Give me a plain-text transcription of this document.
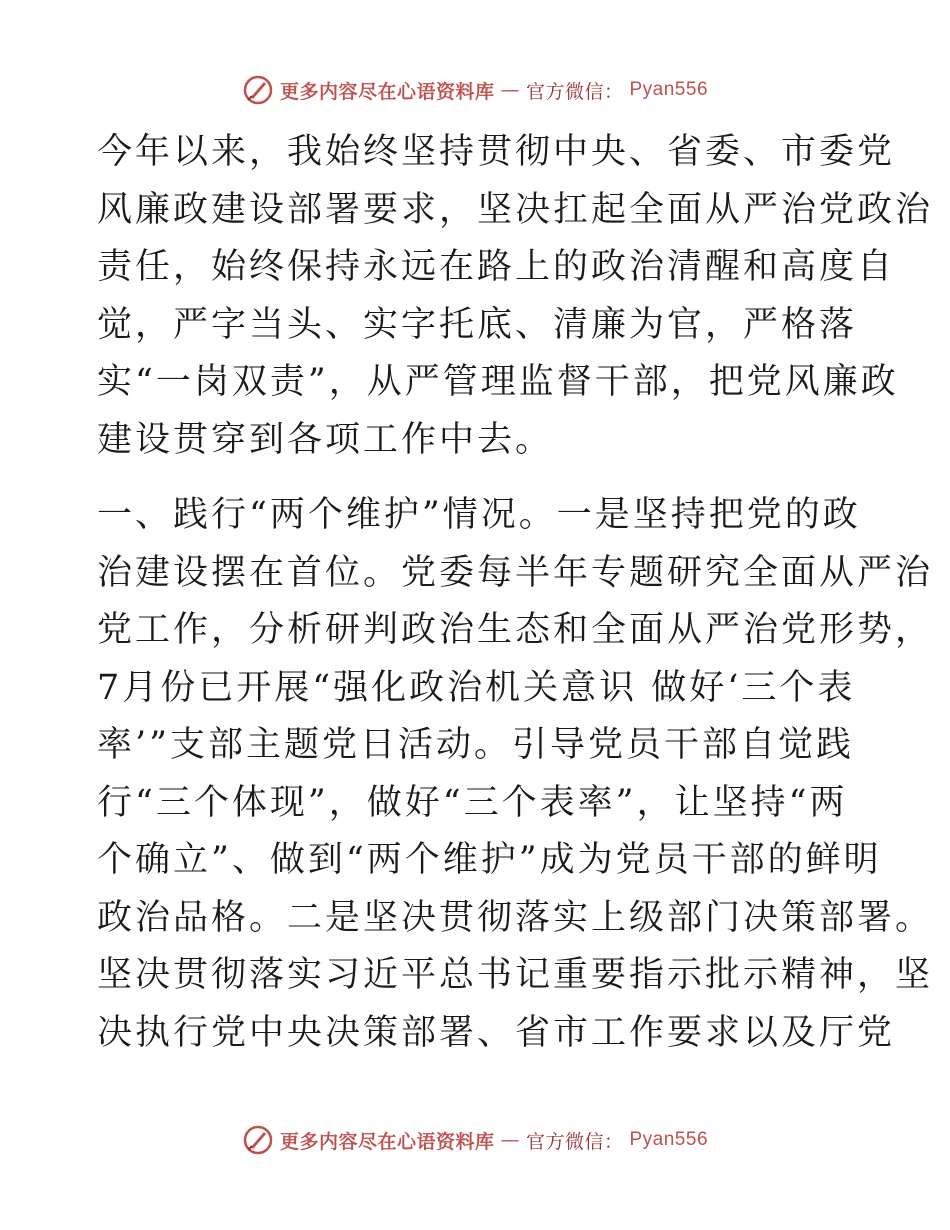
更多内容尽在心语资料库 — 官方微信： Pyan556
今年以来，我始终坚持贯彻中央、省委、市委党
风廉政建设部署要求，坚决扛起全面从严治党政治
责任，始终保持永远在路上的政治清醒和高度自
觉，严字当头、实字托底、清廉为官，严格落
实“一岗双责”，从严管理监督干部，把党风廉政
建设贯穿到各项工作中去。
一、践行“两个维护”情况。一是坚持把党的政
治建设摆在首位。党委每半年专题研究全面从严治
党工作，分析研判政治生态和全面从严治党形势，
7月份已开展“强化政治机关意识 做好‘三个表
率’”支部主题党日活动。引导党员干部自觉践
行“三个体现”，做好“三个表率”，让坚持“两
个确立”、做到“两个维护”成为党员干部的鲜明
政治品格。二是坚决贯彻落实上级部门决策部署。
坚决贯彻落实习近平总书记重要指示批示精神，坚
决执行党中央决策部署、省市工作要求以及厅党
更多内容尽在心语资料库 — 官方微信： Pyan556
